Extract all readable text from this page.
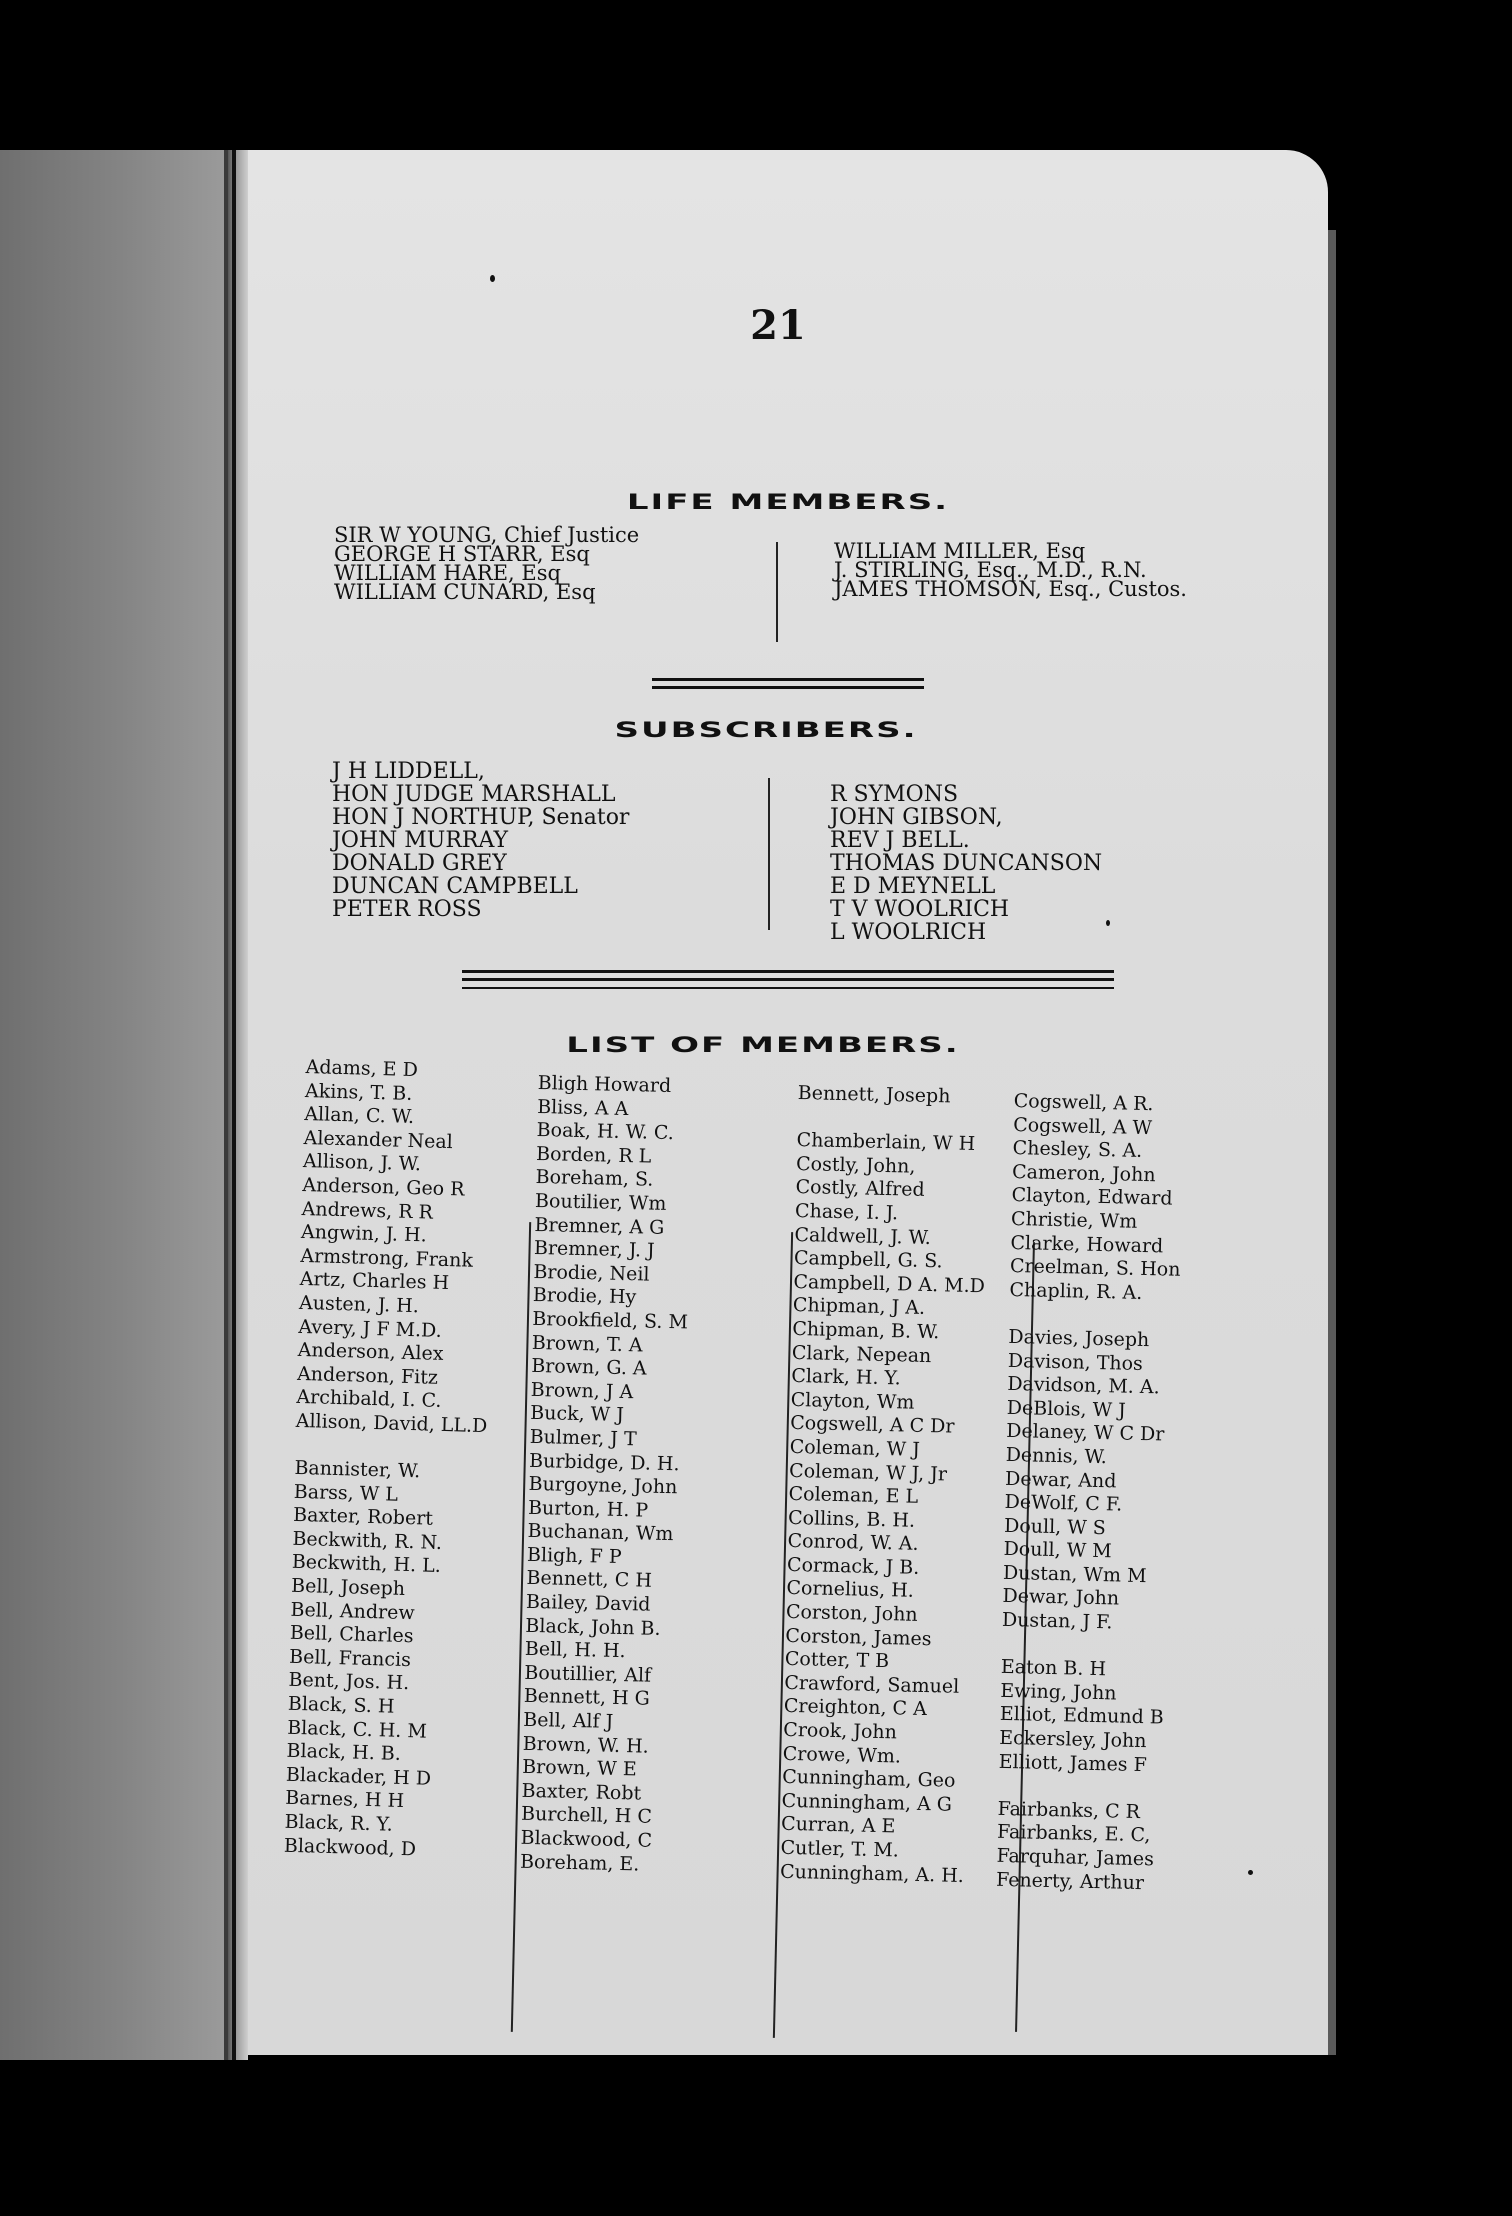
21
LIFE MEMBERS.
SIR W YOUNG, Chief Justice
GEORGE H STARR, Esq
WILLIAM HARE, Esq
WILLIAM CUNARD, Esq
WILLIAM MILLER, Esq
J. STIRLING, Esq., M.D., R.N.
JAMES THOMSON, Esq., Custos.
SUBSCRIBERS.
J H LIDDELL,
HON JUDGE MARSHALL
HON J NORTHUP, Senator
JOHN MURRAY
DONALD GREY
DUNCAN CAMPBELL
PETER ROSS
R SYMONS
JOHN GIBSON,
REV J BELL.
THOMAS DUNCANSON
E D MEYNELL
T V WOOLRICH
L WOOLRICH
LIST OF MEMBERS.
Adams, E D
Akins, T. B.
Allan, C. W.
Alexander Neal
Allison, J. W.
Anderson, Geo R
Andrews, R R
Angwin, J. H.
Armstrong, Frank
Artz, Charles H
Austen, J. H.
Avery, J F M.D.
Anderson, Alex
Anderson, Fitz
Archibald, I. C.
Allison, David, LL.D
Bannister, W.
Barss, W L
Baxter, Robert
Beckwith, R. N.
Beckwith, H. L.
Bell, Joseph
Bell, Andrew
Bell, Charles
Bell, Francis
Bent, Jos. H.
Black, S. H
Black, C. H. M
Black, H. B.
Blackader, H D
Barnes, H H
Black, R. Y.
Blackwood, D
Bligh Howard
Bliss, A A
Boak, H. W. C.
Borden, R L
Boreham, S.
Boutilier, Wm
Bremner, A G
Bremner, J. J
Brodie, Neil
Brodie, Hy
Brookfield, S. M
Brown, T. A
Brown, G. A
Brown, J A
Buck, W J
Bulmer, J T
Burbidge, D. H.
Burgoyne, John
Burton, H. P
Buchanan, Wm
Bligh, F P
Bennett, C H
Bailey, David
Black, John B.
Bell, H. H.
Boutillier, Alf
Bennett, H G
Bell, Alf J
Brown, W. H.
Brown, W E
Baxter, Robt
Burchell, H C
Blackwood, C
Boreham, E.
Bennett, Joseph
Chamberlain, W H
Costly, John,
Costly, Alfred
Chase, I. J.
Caldwell, J. W.
Campbell, G. S.
Campbell, D A. M.D
Chipman, J A.
Chipman, B. W.
Clark, Nepean
Clark, H. Y.
Clayton, Wm
Cogswell, A C Dr
Coleman, W J
Coleman, W J, Jr
Coleman, E L
Collins, B. H.
Conrod, W. A.
Cormack, J B.
Cornelius, H.
Corston, John
Corston, James
Cotter, T B
Crawford, Samuel
Creighton, C A
Crook, John
Crowe, Wm.
Cunningham, Geo
Cunningham, A G
Curran, A E
Cutler, T. M.
Cunningham, A. H.
Cogswell, A R.
Cogswell, A W
Chesley, S. A.
Cameron, John
Clayton, Edward
Christie, Wm
Clarke, Howard
Creelman, S. Hon
Chaplin, R. A.
Davies, Joseph
Davison, Thos
Davidson, M. A.
DeBlois, W J
Delaney, W C Dr
Dennis, W.
Dewar, And
DeWolf, C F.
Doull, W S
Doull, W M
Dustan, Wm M
Dewar, John
Dustan, J F.
Eaton B. H
Ewing, John
Elliot, Edmund B
Eckersley, John
Elliott, James F
Fairbanks, C R
Fairbanks, E. C,
Farquhar, James
Fenerty, Arthur
